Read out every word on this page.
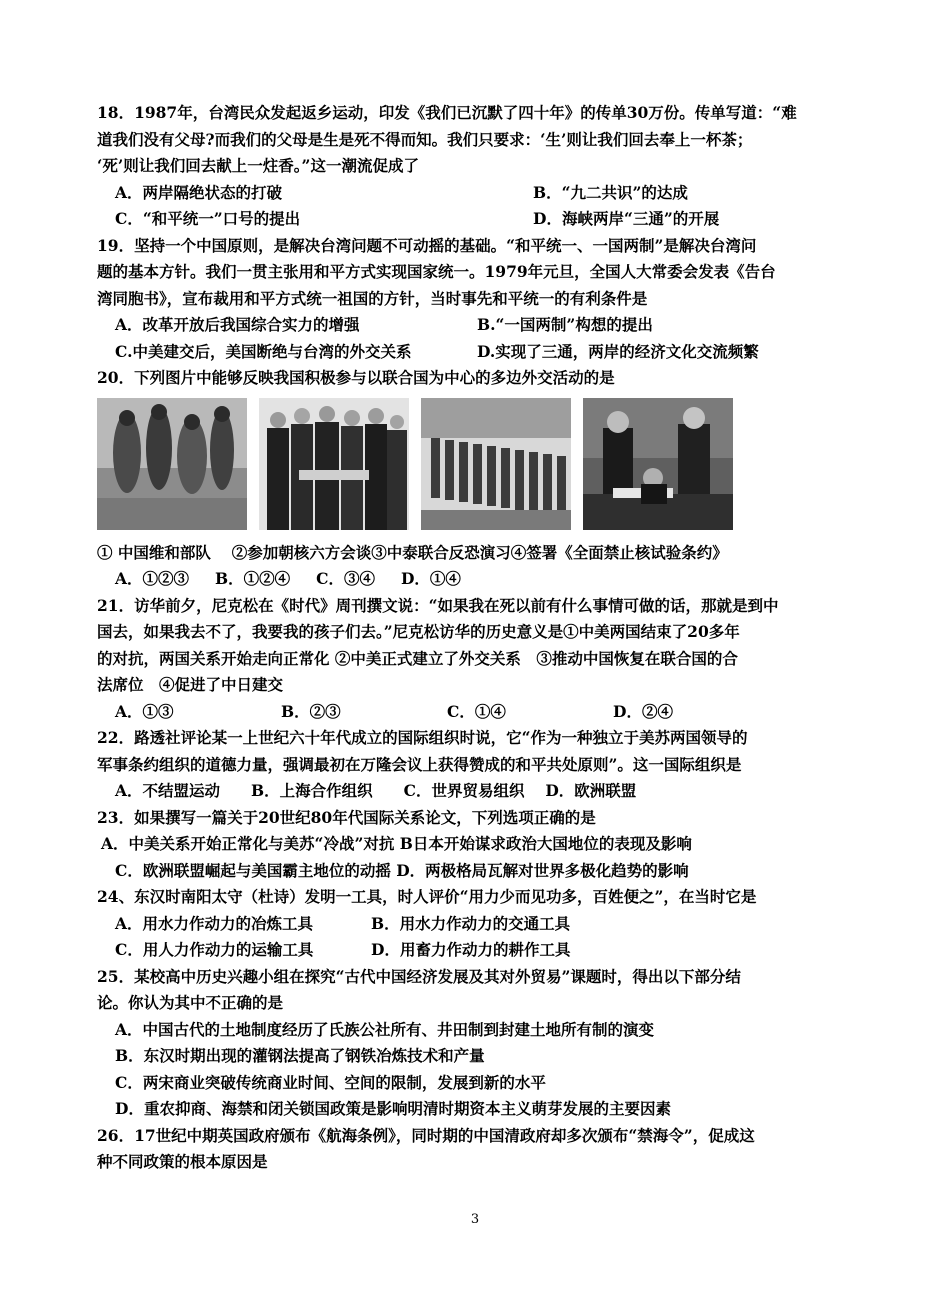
18．1987年，台湾民众发起返乡运动，印发《我们已沉默了四十年》的传单30万份。传单写道：“难
道我们没有父母?而我们的父母是生是死不得而知。我们只要求：‘生’则让我们回去奉上一杯茶；
‘死’则让我们回去献上一炷香。”这一潮流促成了
A．两岸隔绝状态的打破	B．“九二共识”的达成
C．“和平统一”口号的提出	D．海峡两岸“三通”的开展
19．坚持一个中国原则，是解决台湾问题不可动摇的基础。“和平统一、一国两制”是解决台湾问
题的基本方针。我们一贯主张用和平方式实现国家统一。1979年元旦，全国人大常委会发表《告台
湾同胞书》，宣布裁用和平方式统一祖国的方针，当时事先和平统一的有利条件是
A．改革开放后我国综合实力的增强	B.“一国两制”构想的提出
C.中美建交后，美国断绝与台湾的外交关系	D.实现了三通，两岸的经济文化交流频繁
20．下列图片中能够反映我国积极参与以联合国为中心的多边外交活动的是
① 中国维和部队　 ②参加朝核六方会谈③中泰联合反恐演习④签署《全面禁止核试验条约》
A．①②③ B．①②④ C．③④ D．①④
21．访华前夕，尼克松在《时代》周刊撰文说：“如果我在死以前有什么事情可做的话，那就是到中
国去，如果我去不了，我要我的孩子们去。”尼克松访华的历史意义是①中美两国结束了20多年
的对抗，两国关系开始走向正常化 ②中美正式建立了外交关系　③推动中国恢复在联合国的合
法席位　④促进了中日建交
A．①③	B．②③	C．①④	D．②④
22．路透社评论某一上世纪六十年代成立的国际组织时说，它“作为一种独立于美苏两国领导的
军事条约组织的道德力量，强调最初在万隆会议上获得赞成的和平共处原则”。这一国际组织是
A．不结盟运动　　B．上海合作组织　　C．世界贸易组织　 D．欧洲联盟
23．如果撰写一篇关于20世纪80年代国际关系论文，下列选项正确的是
A．中美关系开始正常化与美苏“冷战”对抗 B日本开始谋求政治大国地位的表现及影响
C．欧洲联盟崛起与美国霸主地位的动摇 D．两极格局瓦解对世界多极化趋势的影响
24、东汉时南阳太守（杜诗）发明一工具，时人评价“用力少而见功多，百姓便之”，在当时它是
A．用水力作动力的冶炼工具	B．用水力作动力的交通工具
C．用人力作动力的运输工具	D．用畜力作动力的耕作工具
25．某校高中历史兴趣小组在探究“古代中国经济发展及其对外贸易”课题时，得出以下部分结
论。你认为其中不正确的是
A．中国古代的土地制度经历了氏族公社所有、井田制到封建土地所有制的演变
B．东汉时期出现的灌钢法提高了钢铁冶炼技术和产量
C．两宋商业突破传统商业时间、空间的限制，发展到新的水平
D．重农抑商、海禁和闭关锁国政策是影响明清时期资本主义萌芽发展的主要因素
26．17世纪中期英国政府颁布《航海条例》，同时期的中国清政府却多次颁布“禁海令”，促成这
种不同政策的根本原因是
3
